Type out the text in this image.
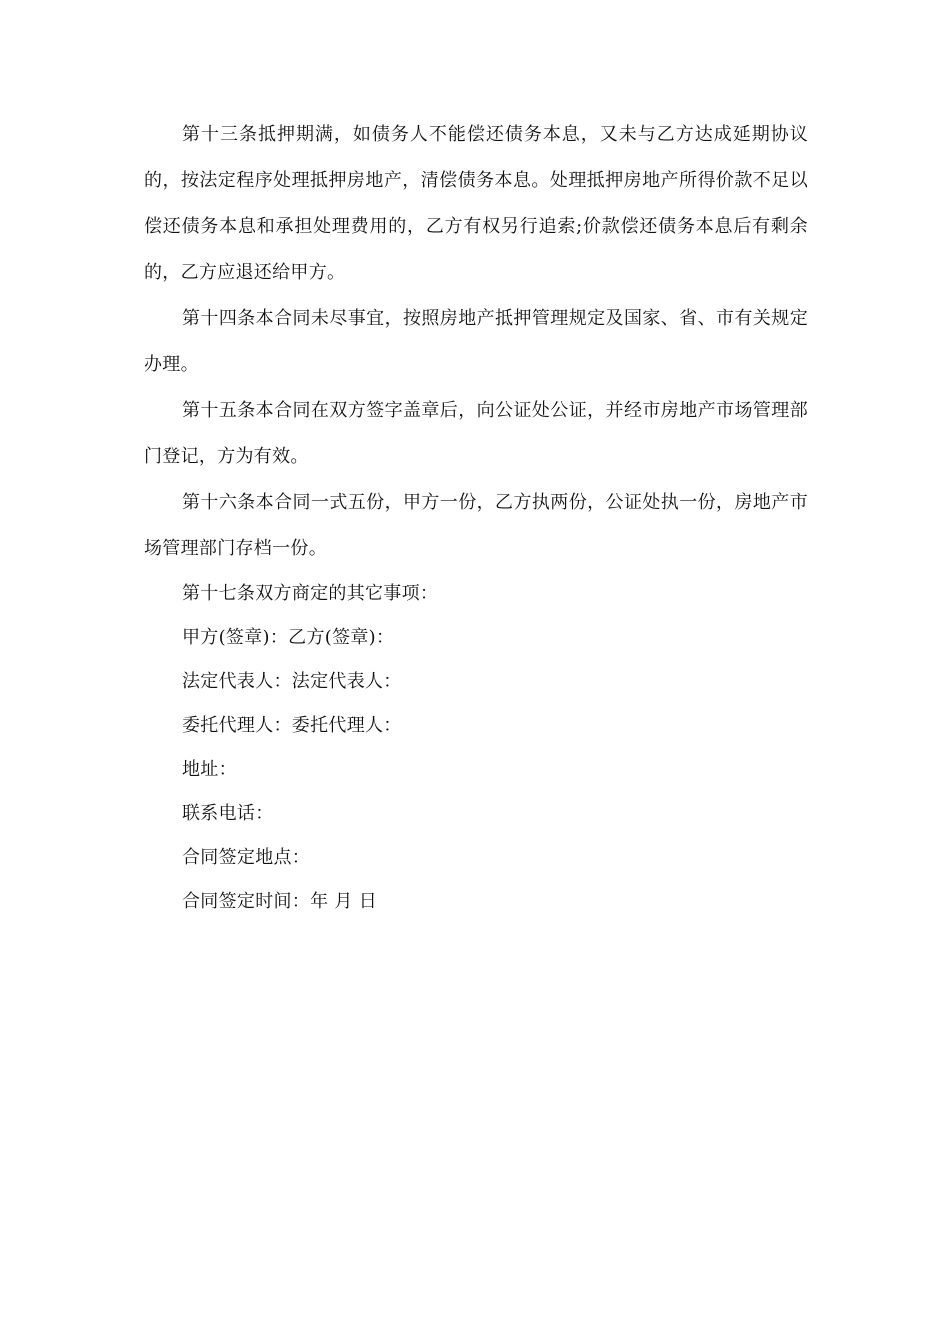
第十三条抵押期满，如债务人不能偿还债务本息，又未与乙方达成延期协议的，按法定程序处理抵押房地产，清偿债务本息。处理抵押房地产所得价款不足以偿还债务本息和承担处理费用的，乙方有权另行追索;价款偿还债务本息后有剩余的，乙方应退还给甲方。

第十四条本合同未尽事宜，按照房地产抵押管理规定及国家、省、市有关规定办理。

第十五条本合同在双方签字盖章后，向公证处公证，并经市房地产市场管理部门登记，方为有效。

第十六条本合同一式五份，甲方一份，乙方执两份，公证处执一份，房地产市场管理部门存档一份。

第十七条双方商定的其它事项：

甲方(签章)：乙方(签章)：

法定代表人：法定代表人：

委托代理人：委托代理人：

地址：

联系电话：

合同签定地点：

合同签定时间：年 月 日
